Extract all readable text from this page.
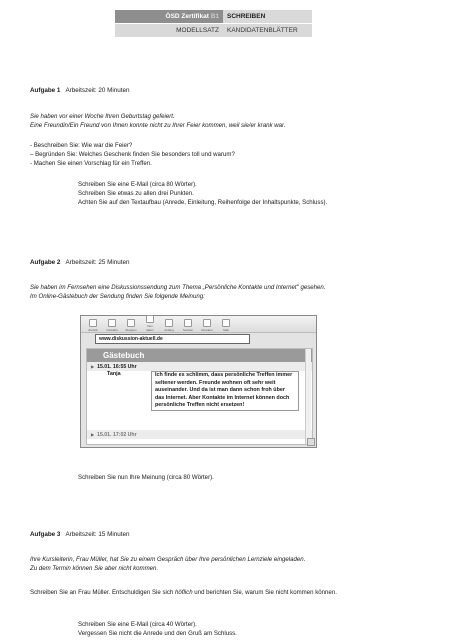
ÖSD Zertifikat B1	SCHREIBEN
MODELLSATZ	KANDIDATENBLÄTTER
Aufgabe 1 Arbeitszeit: 20 Minuten

Sie haben vor einer Woche Ihren Geburtstag gefeiert.

Eine Freundin/Ein Freund von Ihnen konnte nicht zu Ihrer Feier kommen, weil sie/er krank war.

- Beschreiben Sie: Wie war die Feier?
– Begründen Sie: Welches Geschenk finden Sie besonders toll und warum?
- Machen Sie einen Vorschlag für ein Treffen.

Schreiben Sie eine E-Mail (circa 80 Wörter).

Schreiben Sie etwas zu allen drei Punkten.

Achten Sie auf den Textaufbau (Anrede, Einleitung, Reihenfolge der Inhaltspunkte, Schluss).

Aufgabe 2 Arbeitszeit: 25 Minuten

Sie haben im Fernsehen eine Diskussionssendung zum Thema „Persönliche Kontakte und Internet" gesehen.

Im Online-Gästebuch der Sendung finden Sie folgende Meinung:

Zurück	Vorwärts	Stoppen
Neu laden	Anfang	Suchen	Drucken	Mail
www.diskussion-aktuell.de
Gästebuch
▶ 15.01. 16:55 Uhr
Tanja	Ich finde es schlimm, dass persönliche Treffen immer seltener werden. Freunde wohnen oft sehr weit auseinander. Und da ist man dann schon froh über das Internet. Aber Kontakte im Internet können doch persönliche Treffen nicht ersetzen!
▶ 15.01. 17:02 Uhr
Schreiben Sie nun Ihre Meinung (circa 80 Wörter).
Aufgabe 3 Arbeitszeit: 15 Minuten

Ihre Kursleiterin, Frau Müller, hat Sie zu einem Gespräch über Ihre persönlichen Lernziele eingeladen.

Zu dem Termin können Sie aber nicht kommen.

Schreiben Sie an Frau Müller. Entschuldigen Sie sich höflich und berichten Sie, warum Sie nicht kommen können.

Schreiben Sie eine E-Mail (circa 40 Wörter).

Vergessen Sie nicht die Anrede und den Gruß am Schluss.
